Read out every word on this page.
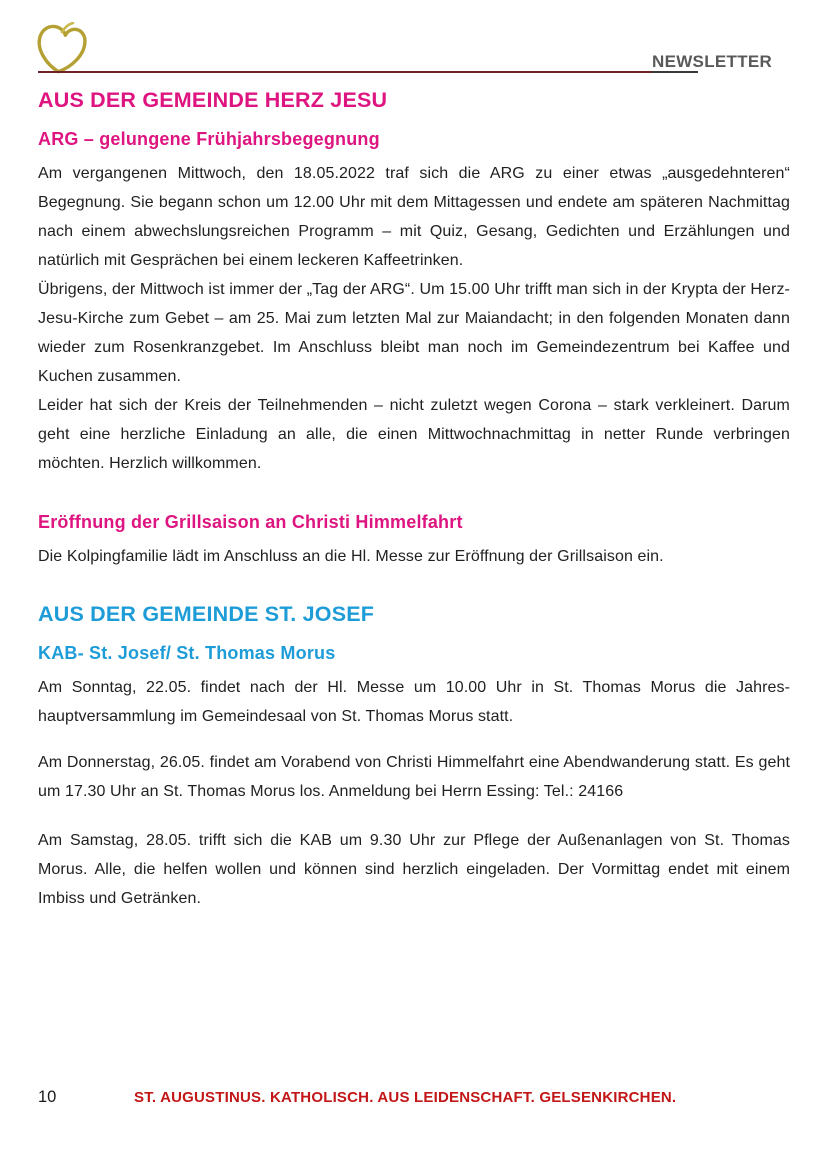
NEWSLETTER
AUS DER GEMEINDE HERZ JESU
ARG – gelungene Frühjahrsbegegnung

Am vergangenen Mittwoch, den 18.05.2022 traf sich die ARG zu einer etwas „ausgedehnteren“ Begegnung. Sie begann schon um 12.00 Uhr mit dem Mittagessen und endete am späteren Nachmittag nach einem abwechslungsreichen Programm – mit Quiz, Gesang, Gedichten und Erzählungen und natürlich mit Gesprächen bei einem leckeren Kaffeetrinken.

Übrigens, der Mittwoch ist immer der „Tag der ARG“. Um 15.00 Uhr trifft man sich in der Krypta der Herz-Jesu-Kirche zum Gebet – am 25. Mai zum letzten Mal zur Maiandacht; in den folgenden Monaten dann wieder zum Rosenkranzgebet. Im Anschluss bleibt man noch im Gemeindezentrum bei Kaffee und Kuchen zusammen.

Leider hat sich der Kreis der Teilnehmenden – nicht zuletzt wegen Corona – stark verkleinert. Darum geht eine herzliche Einladung an alle, die einen Mittwochnachmittag in netter Runde verbringen möchten. Herzlich willkommen.

Eröffnung der Grillsaison an Christi Himmelfahrt

Die Kolpingfamilie lädt im Anschluss an die Hl. Messe zur Eröffnung der Grillsaison ein.

AUS DER GEMEINDE ST. JOSEF
KAB- St. Josef/ St. Thomas Morus

Am Sonntag, 22.05. findet nach der Hl. Messe um 10.00 Uhr in St. Thomas Morus die Jahreshauptversammlung im Gemeindesaal von St. Thomas Morus statt.

Am Donnerstag, 26.05. findet am Vorabend von Christi Himmelfahrt eine Abendwanderung statt. Es geht um 17.30 Uhr an St. Thomas Morus los. Anmeldung bei Herrn Essing: Tel.: 24166

Am Samstag, 28.05. trifft sich die KAB um 9.30 Uhr zur Pflege der Außenanlagen von St. Thomas Morus. Alle, die helfen wollen und können sind herzlich eingeladen. Der Vormittag endet mit einem Imbiss und Getränken.

10	ST. AUGUSTINUS. KATHOLISCH. AUS LEIDENSCHAFT. GELSENKIRCHEN.
